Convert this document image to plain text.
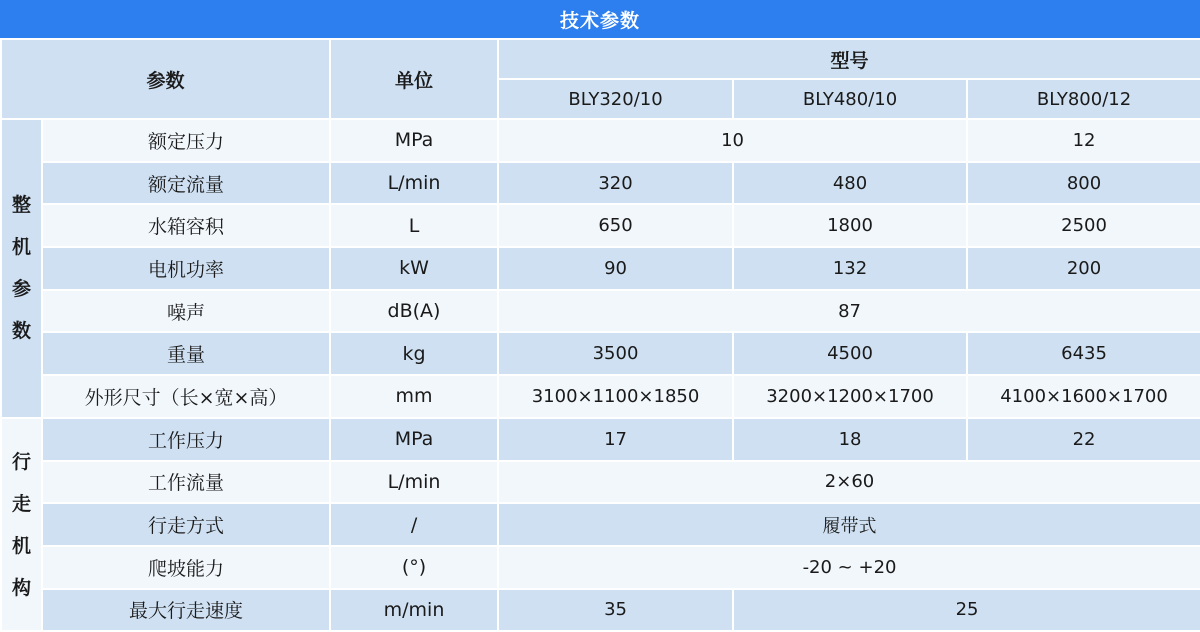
技术参数
参数		单位	型号		
			BLY320/10	BLY480/10	BLY800/12
整
机
参
数	额定压力	MPa	10		12
	额定流量	L/min	320	480	800
	水箱容积	L	650	1800	2500
	电机功率	kW	90	132	200
	噪声	dB(A)	87		
	重量	kg	3500	4500	6435
	外形尺寸（长×宽×高）	mm	3100×1100×1850	3200×1200×1700	4100×1600×1700
行
走
机
构	工作压力	MPa	17	18	22
	工作流量	L/min	2×60		
	行走方式	/	履带式		
	爬坡能力	(°)	-20 ~ +20		
	最大行走速度	m/min	35	25	
